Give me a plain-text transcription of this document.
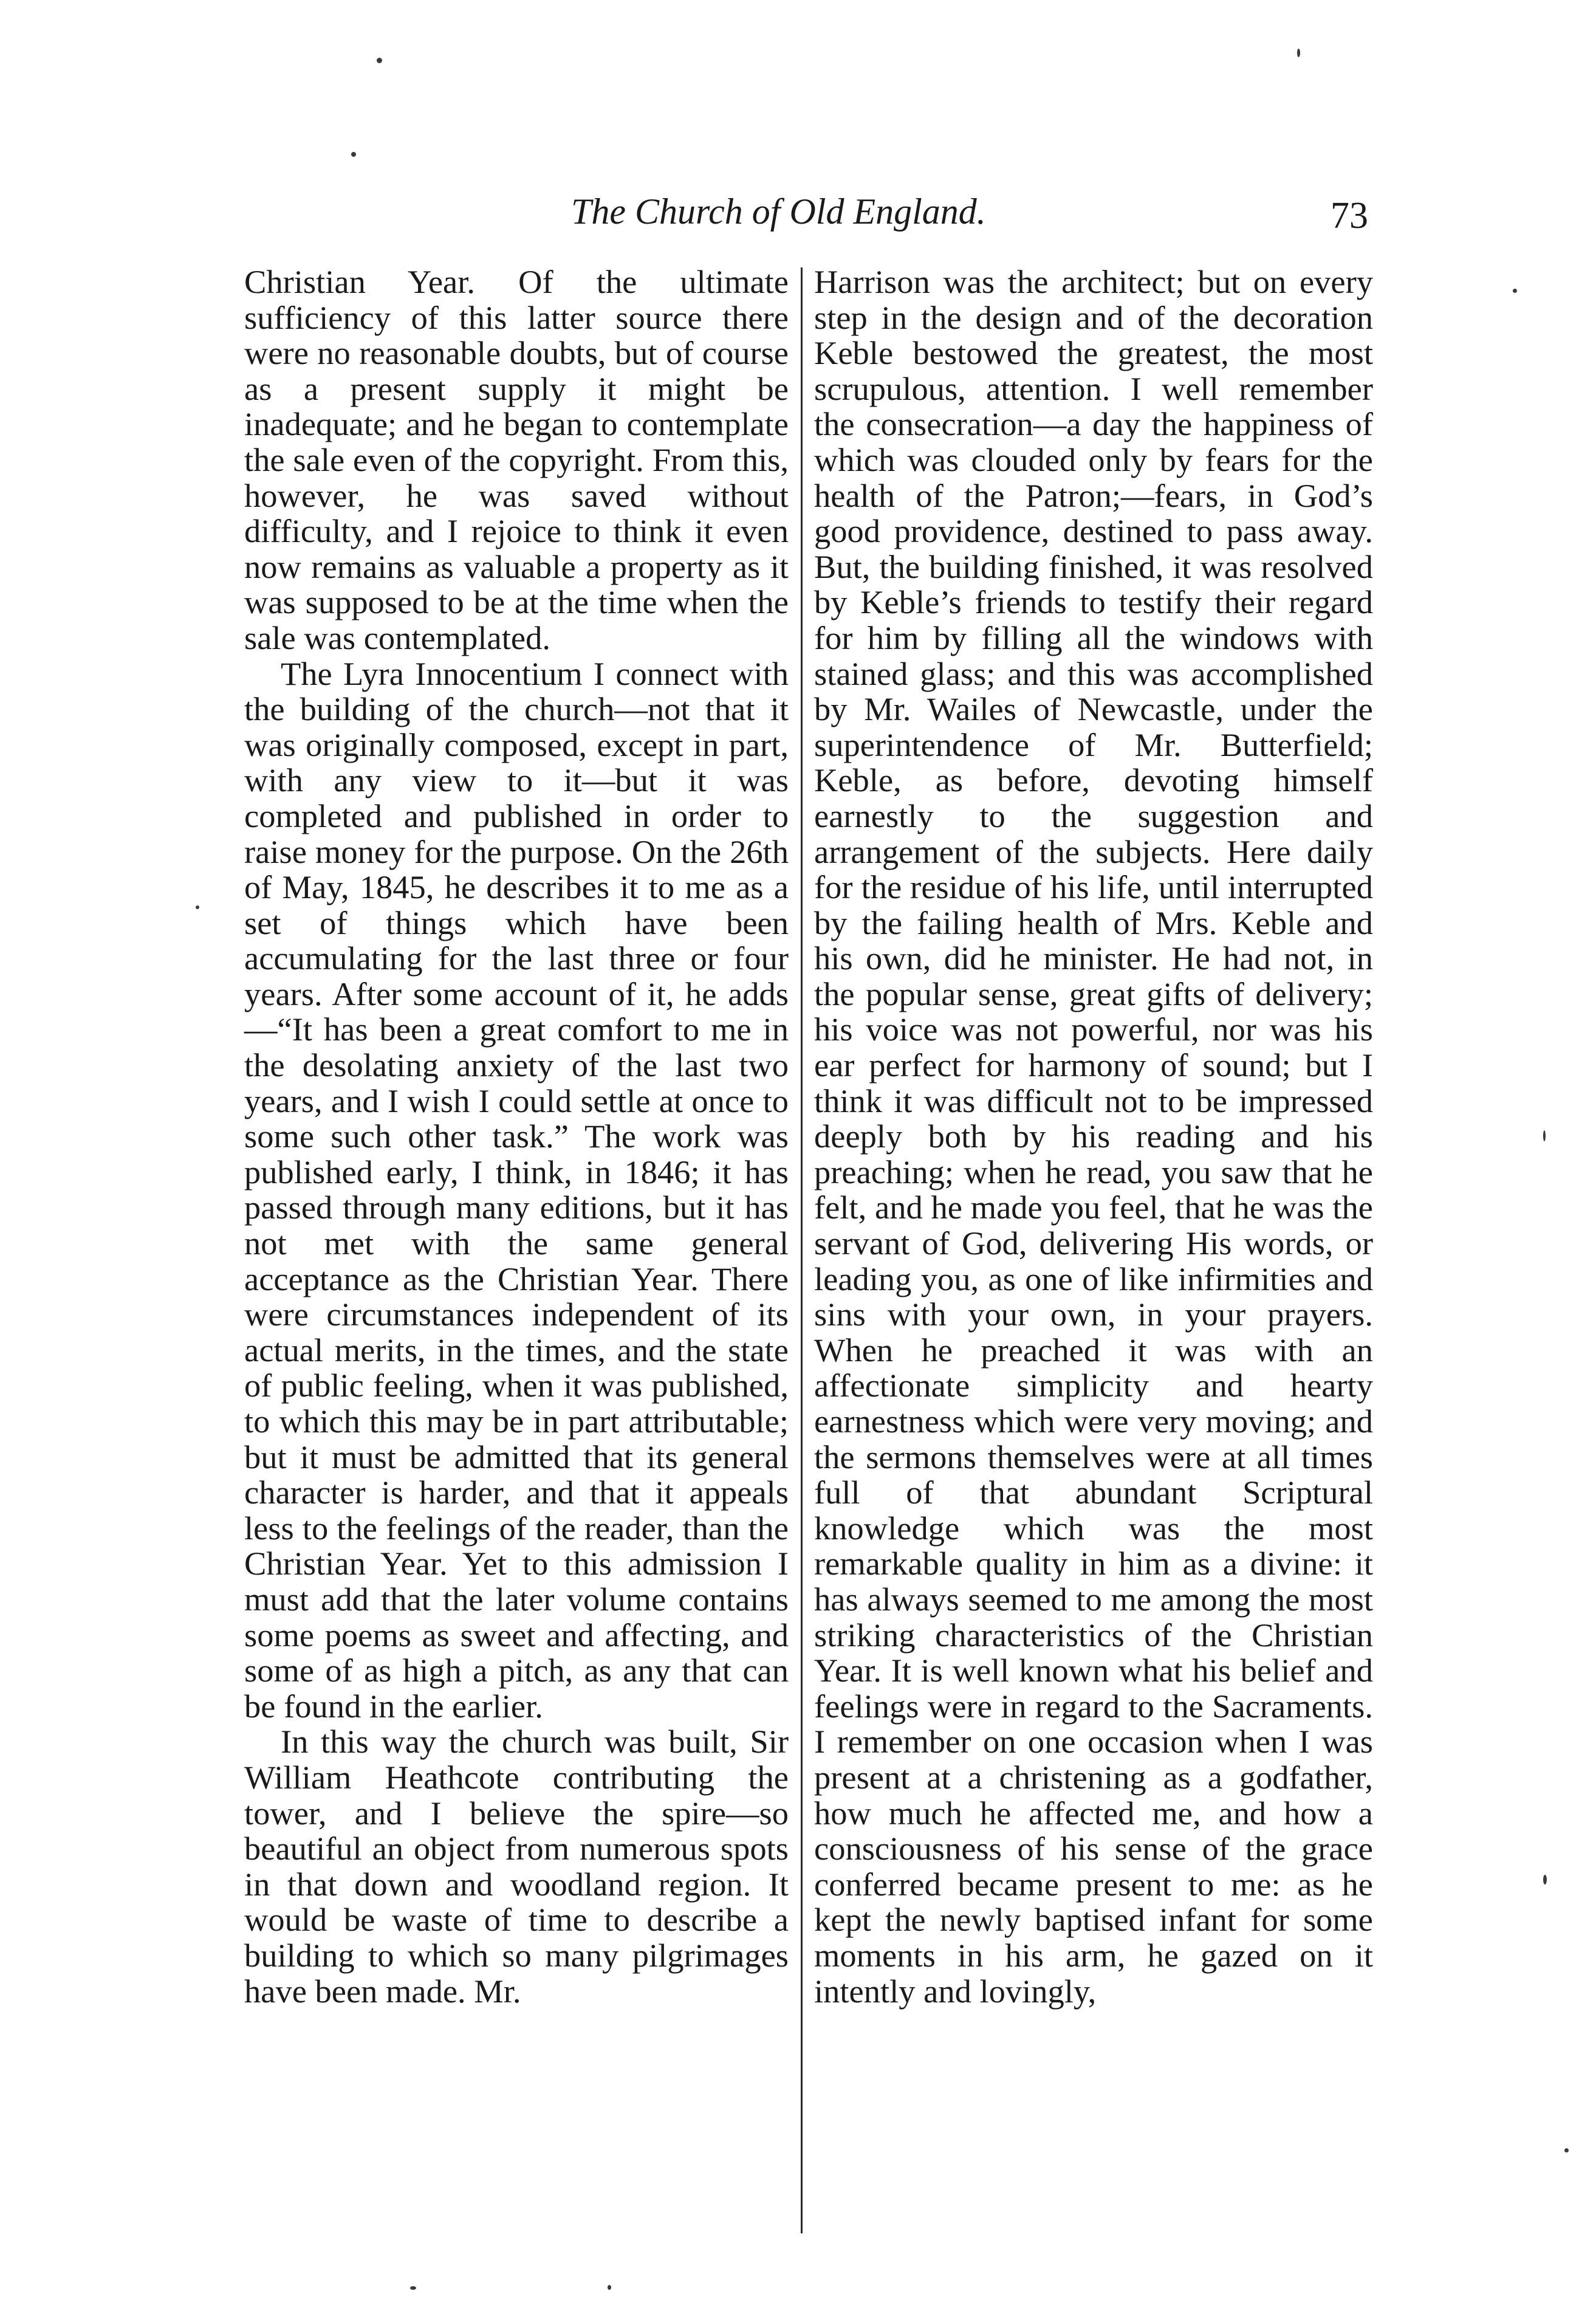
The Church of Old England.	73

Christian Year. Of the ultimate sufficiency of this latter source there were no reasonable doubts, but of course as a present supply it might be inadequate; and he began to contemplate the sale even of the copyright. From this, however, he was saved without difficulty, and I rejoice to think it even now remains as valuable a property as it was supposed to be at the time when the sale was contemplated.

The Lyra Innocentium I connect with the building of the church—not that it was originally composed, except in part, with any view to it—but it was completed and published in order to raise money for the purpose. On the 26th of May, 1845, he describes it to me as a set of things which have been accumulating for the last three or four years. After some account of it, he adds—“It has been a great comfort to me in the desolating anxiety of the last two years, and I wish I could settle at once to some such other task.” The work was published early, I think, in 1846; it has passed through many editions, but it has not met with the same general acceptance as the Christian Year. There were circumstances independent of its actual merits, in the times, and the state of public feeling, when it was published, to which this may be in part attributable; but it must be admitted that its general character is harder, and that it appeals less to the feelings of the reader, than the Christian Year. Yet to this admission I must add that the later volume contains some poems as sweet and affecting, and some of as high a pitch, as any that can be found in the earlier.

In this way the church was built, Sir William Heathcote contributing the tower, and I believe the spire—so beautiful an object from numerous spots in that down and woodland region. It would be waste of time to describe a building to which so many pilgrimages have been made. Mr.

Harrison was the architect; but on every step in the design and of the decoration Keble bestowed the greatest, the most scrupulous, attention. I well remember the consecration—a day the happiness of which was clouded only by fears for the health of the Patron;—fears, in God’s good providence, destined to pass away. But, the building finished, it was resolved by Keble’s friends to testify their regard for him by filling all the windows with stained glass; and this was accomplished by Mr. Wailes of Newcastle, under the superintendence of Mr. Butterfield; Keble, as before, devoting himself earnestly to the suggestion and arrangement of the subjects. Here daily for the residue of his life, until interrupted by the failing health of Mrs. Keble and his own, did he minister. He had not, in the popular sense, great gifts of delivery; his voice was not powerful, nor was his ear perfect for harmony of sound; but I think it was difficult not to be impressed deeply both by his reading and his preaching; when he read, you saw that he felt, and he made you feel, that he was the servant of God, delivering His words, or leading you, as one of like infirmities and sins with your own, in your prayers. When he preached it was with an affectionate simplicity and hearty earnestness which were very moving; and the sermons themselves were at all times full of that abundant Scriptural knowledge which was the most remarkable quality in him as a divine: it has always seemed to me among the most striking characteristics of the Christian Year. It is well known what his belief and feelings were in regard to the Sacraments. I remember on one occasion when I was present at a christening as a godfather, how much he affected me, and how a consciousness of his sense of the grace conferred became present to me: as he kept the newly baptised infant for some moments in his arm, he gazed on it intently and lovingly,
